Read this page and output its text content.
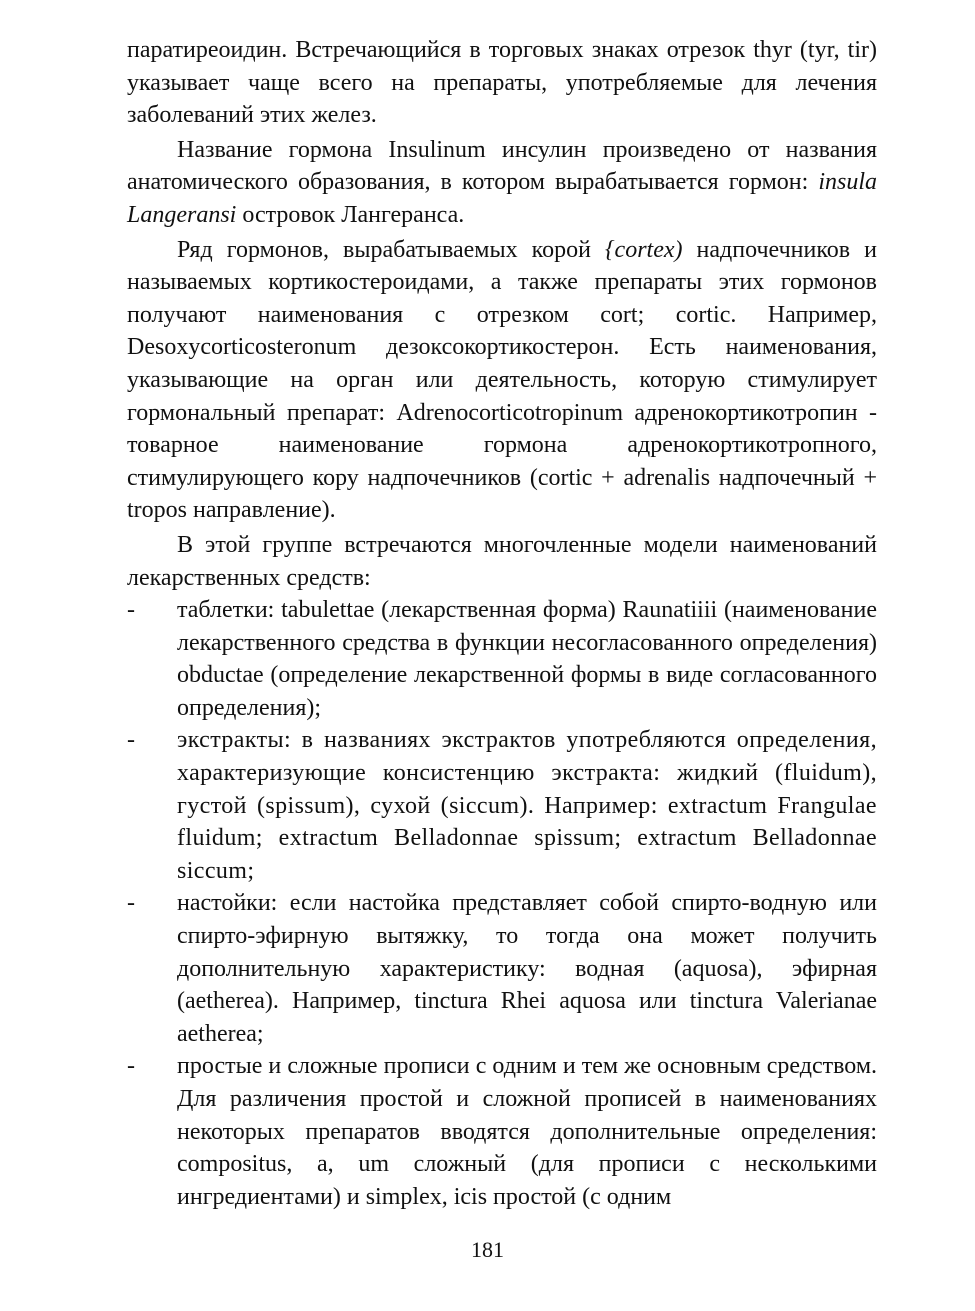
паратиреоидин. Встречающийся в торговых знаках отрезок thyr (tyr, tir) указывает чаще всего на препараты, употребляемые для лечения заболеваний этих желез.

Название гормона Insulinum инсулин произведено от названия анатомического образования, в котором вырабатывается гормон: insula Langeransi островок Лангеранса.

Ряд гормонов, вырабатываемых корой {cortex) надпочечников и называемых кортикостероидами, а также препараты этих гормонов получают наименования с отрезком cort; cortic. Например, Desoxycorticosteronum дезоксокортикостерон. Есть наименования, указывающие на орган или деятельность, которую стимулирует гормональный препарат: Adrenocorticotropinum адренокортикотропин - товарное наименование гормона адренокортикотропного, стимулирующего кору надпочечников (cortic + adrenalis надпочечный + tropos направление).

В этой группе встречаются многочленные модели наименований лекарственных средств:

- таблетки: tabulettae (лекарственная форма) Raunatiiii (наименование лекарственного средства в функции несогласованного определения) obductae (определение лекарственной формы в виде согласованного определения);
- экстракты: в названиях экстрактов употребляются определения, характеризующие консистенцию экстракта: жидкий (fluidum), густой (spissum), сухой (siccum). Например: extractum Frangulae fluidum; extractum Belladonnae spissum; extractum Belladonnae siccum;
- настойки: если настойка представляет собой спирто-водную или спирто-эфирную вытяжку, то тогда она может получить дополнительную характеристику: водная (aquosa), эфирная (aetherea). Например, tinctura Rhei aquosa или tinctura Valerianae aetherea;
- простые и сложные прописи с одним и тем же основным средством. Для различения простой и сложной прописей в наименованиях некоторых препаратов вводятся дополнительные определения: compositus, a, um сложный (для прописи с несколькими ингредиентами) и simplex, icis простой (с одним
181
